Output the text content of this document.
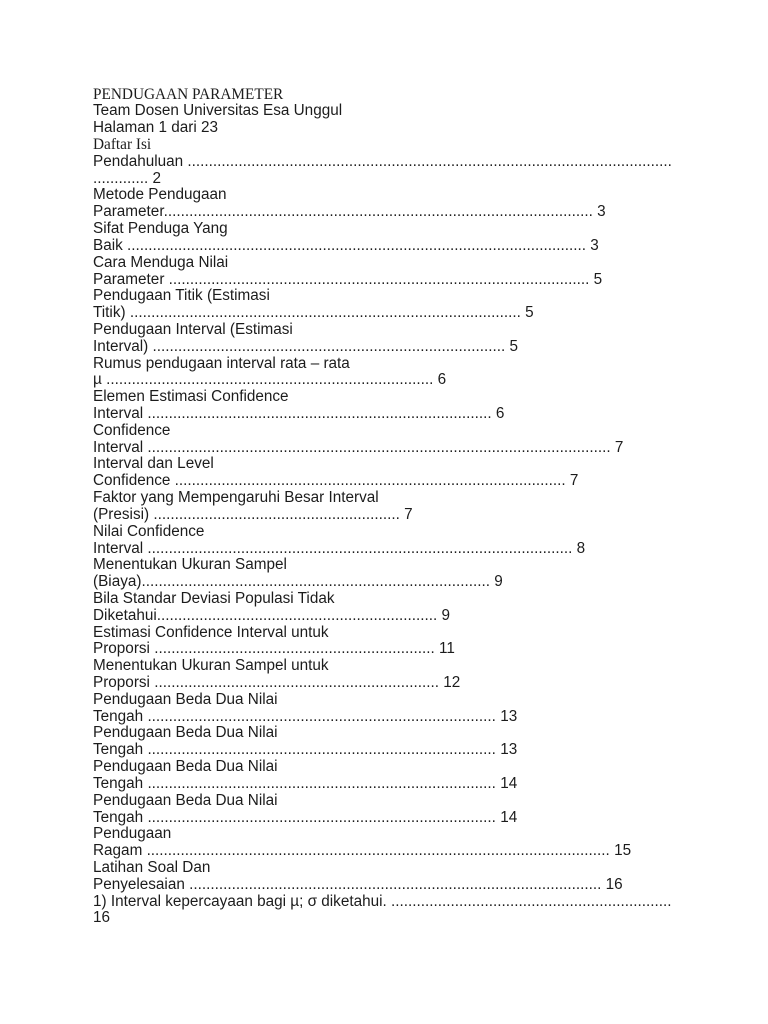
PENDUGAAN PARAMETER
Team Dosen Universitas Esa Unggul
Halaman 1 dari 23
Daftar Isi
Pendahuluan ..................................................................................................................
............. 2
Metode Pendugaan
Parameter..................................................................................................... 3
Sifat Penduga Yang
Baik ............................................................................................................ 3
Cara Menduga Nilai
Parameter ................................................................................................... 5
Pendugaan Titik (Estimasi
Titik) ............................................................................................ 5
Pendugaan Interval (Estimasi
Interval) ................................................................................... 5
Rumus pendugaan interval rata – rata
µ ............................................................................. 6
Elemen Estimasi Confidence
Interval ................................................................................. 6
Confidence
Interval ............................................................................................................. 7
Interval dan Level
Confidence ............................................................................................ 7
Faktor yang Mempengaruhi Besar Interval
(Presisi) .......................................................... 7
Nilai Confidence
Interval .................................................................................................... 8
Menentukan Ukuran Sampel
(Biaya).................................................................................. 9
Bila Standar Deviasi Populasi Tidak
Diketahui.................................................................. 9
Estimasi Confidence Interval untuk
Proporsi .................................................................. 11
Menentukan Ukuran Sampel untuk
Proporsi ................................................................... 12
Pendugaan Beda Dua Nilai
Tengah .................................................................................. 13
Pendugaan Beda Dua Nilai
Tengah .................................................................................. 13
Pendugaan Beda Dua Nilai
Tengah .................................................................................. 14
Pendugaan Beda Dua Nilai
Tengah .................................................................................. 14
Pendugaan
Ragam ............................................................................................................. 15
Latihan Soal Dan
Penyelesaian ................................................................................................. 16
1) Interval kepercayaan bagi µ; σ diketahui. ..................................................................
16
